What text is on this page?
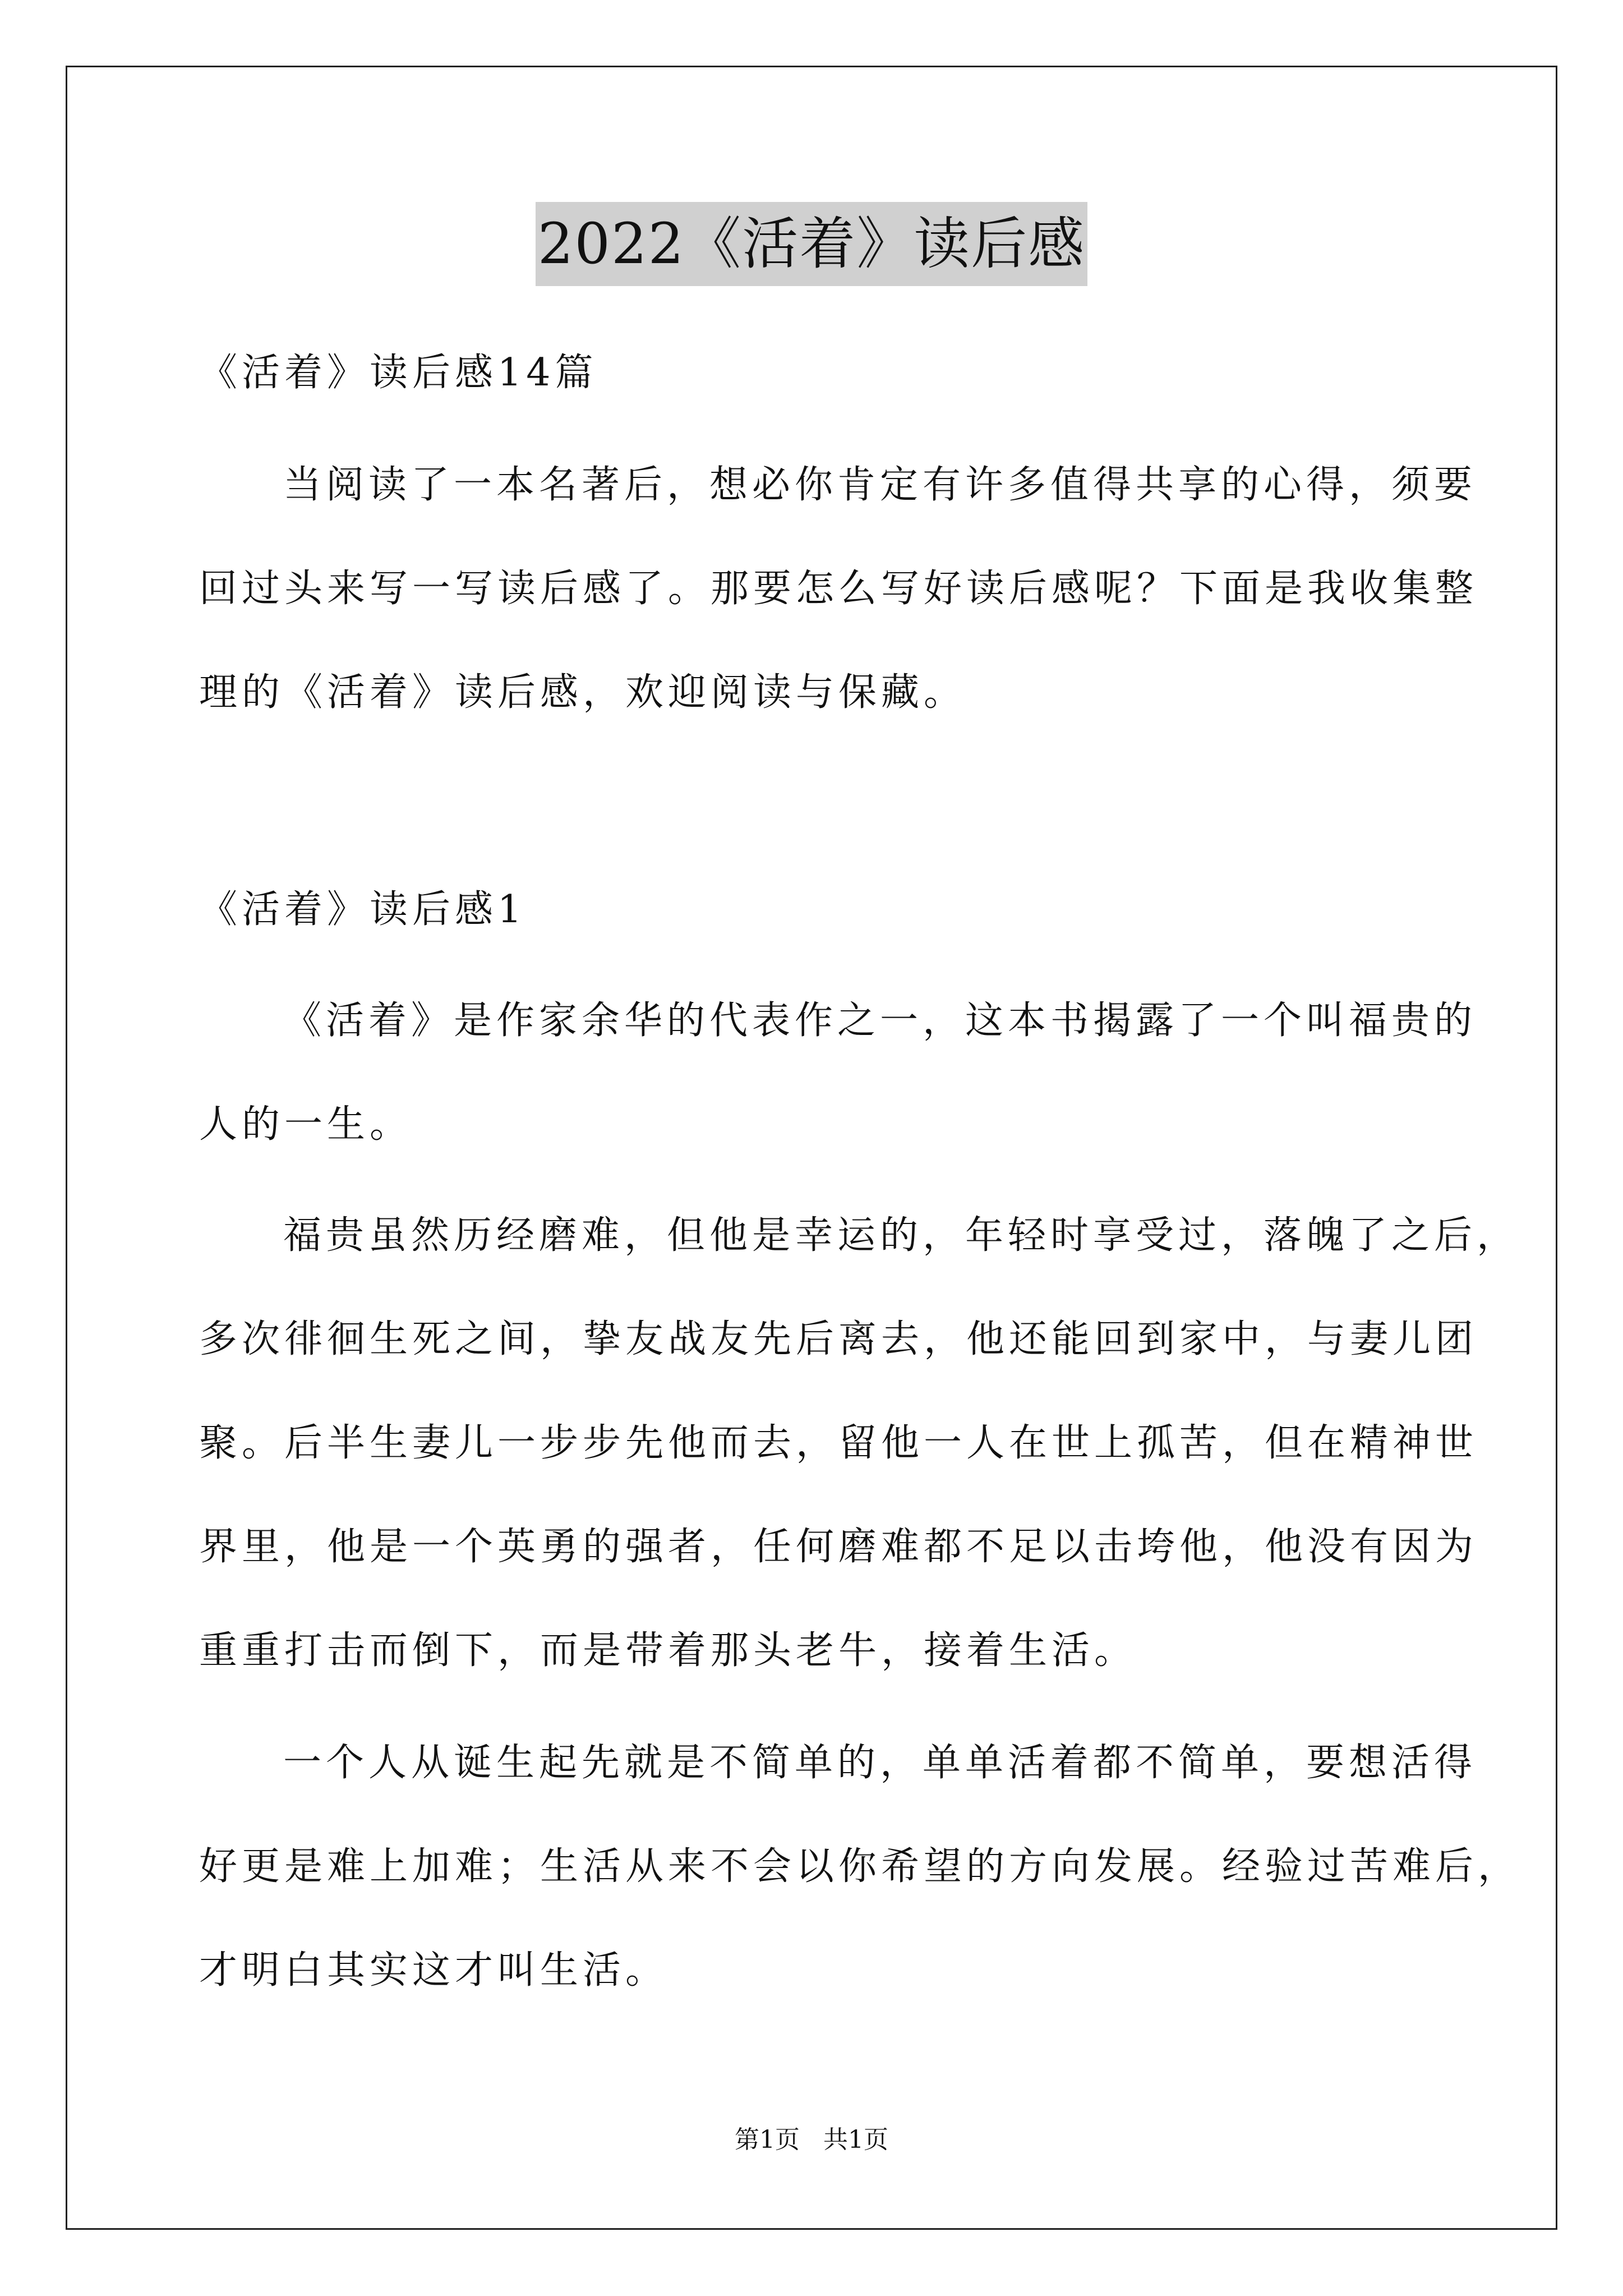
2022《活着》读后感
《活着》读后感14篇
当阅读了一本名著后，想必你肯定有许多值得共享的心得，须要
回过头来写一写读后感了。那要怎么写好读后感呢？下面是我收集整
理的《活着》读后感，欢迎阅读与保藏。
《活着》读后感1
《活着》是作家余华的代表作之一，这本书揭露了一个叫福贵的
人的一生。
福贵虽然历经磨难，但他是幸运的，年轻时享受过，落魄了之后，
多次徘徊生死之间，挚友战友先后离去，他还能回到家中，与妻儿团
聚。后半生妻儿一步步先他而去，留他一人在世上孤苦，但在精神世
界里，他是一个英勇的强者，任何磨难都不足以击垮他，他没有因为
重重打击而倒下，而是带着那头老牛，接着生活。
一个人从诞生起先就是不简单的，单单活着都不简单，要想活得
好更是难上加难；生活从来不会以你希望的方向发展。经验过苦难后，
才明白其实这才叫生活。
第1页   共1页
